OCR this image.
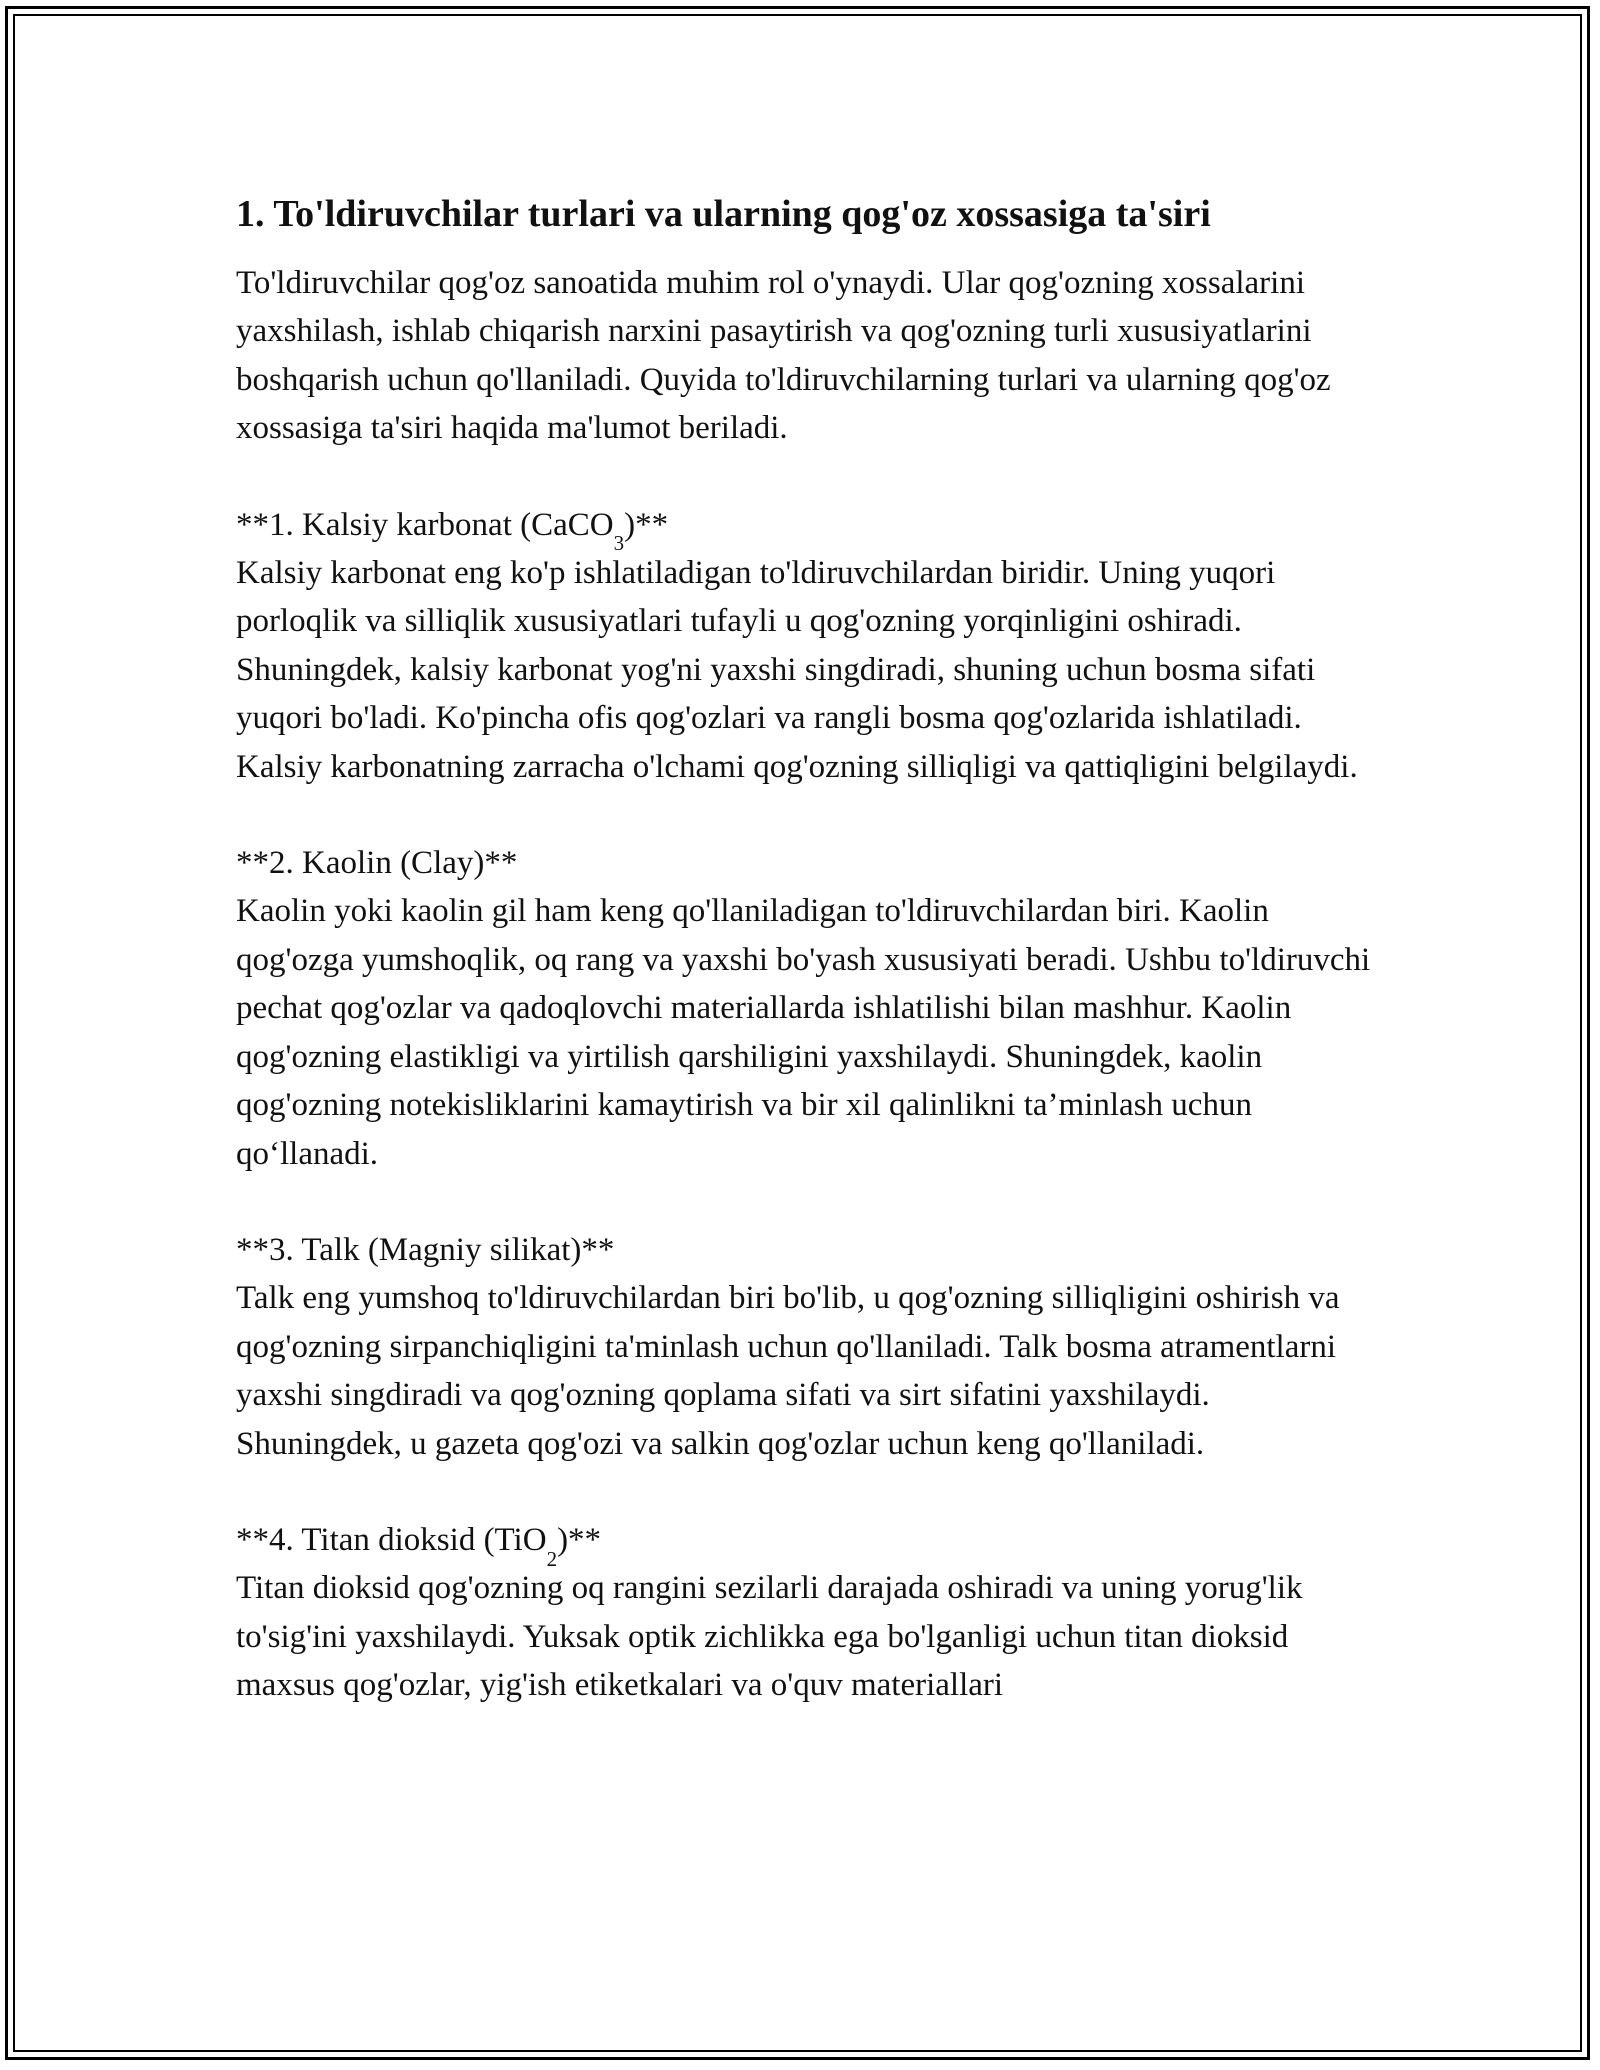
1. To'ldiruvchilar turlari va ularning qog'oz xossasiga ta'siri

To'ldiruvchilar qog'oz sanoatida muhim rol o'ynaydi. Ular qog'ozning xossalarini yaxshilash, ishlab chiqarish narxini pasaytirish va qog'ozning turli xususiyatlarini boshqarish uchun qo'llaniladi. Quyida to'ldiruvchilarning turlari va ularning qog'oz xossasiga ta'siri haqida ma'lumot beriladi.

**1. Kalsiy karbonat (CaCO$_3$)**

Kalsiy karbonat eng ko'p ishlatiladigan to'ldiruvchilardan biridir. Uning yuqori porloqlik va silliqlik xususiyatlari tufayli u qog'ozning yorqinligini oshiradi. Shuningdek, kalsiy karbonat yog'ni yaxshi singdiradi, shuning uchun bosma sifati yuqori bo'ladi. Ko'pincha ofis qog'ozlari va rangli bosma qog'ozlarida ishlatiladi. Kalsiy karbonatning zarracha o'lchami qog'ozning silliqligi va qattiqligini belgilaydi.

**2. Kaolin (Clay)**

Kaolin yoki kaolin gil ham keng qo'llaniladigan to'ldiruvchilardan biri. Kaolin qog'ozga yumshoqlik, oq rang va yaxshi bo'yash xususiyati beradi. Ushbu to'ldiruvchi pechat qog'ozlar va qadoqlovchi materiallarda ishlatilishi bilan mashhur. Kaolin qog'ozning elastikligi va yirtilish qarshiligini yaxshilaydi. Shuningdek, kaolin qog'ozning notekisliklarini kamaytirish va bir xil qalinlikni ta’minlash uchun qo‘llanadi.

**3. Talk (Magniy silikat)**

Talk eng yumshoq to'ldiruvchilardan biri bo'lib, u qog'ozning silliqligini oshirish va qog'ozning sirpanchiqligini ta'minlash uchun qo'llaniladi. Talk bosma atramentlarni yaxshi singdiradi va qog'ozning qoplama sifati va sirt sifatini yaxshilaydi. Shuningdek, u gazeta qog'ozi va salkin qog'ozlar uchun keng qo'llaniladi.

**4. Titan dioksid (TiO$_2$)**

Titan dioksid qog'ozning oq rangini sezilarli darajada oshiradi va uning yorug'lik to'sig'ini yaxshilaydi. Yuksak optik zichlikka ega bo'lganligi uchun titan dioksid maxsus qog'ozlar, yig'ish etiketkalari va o'quv materiallari
